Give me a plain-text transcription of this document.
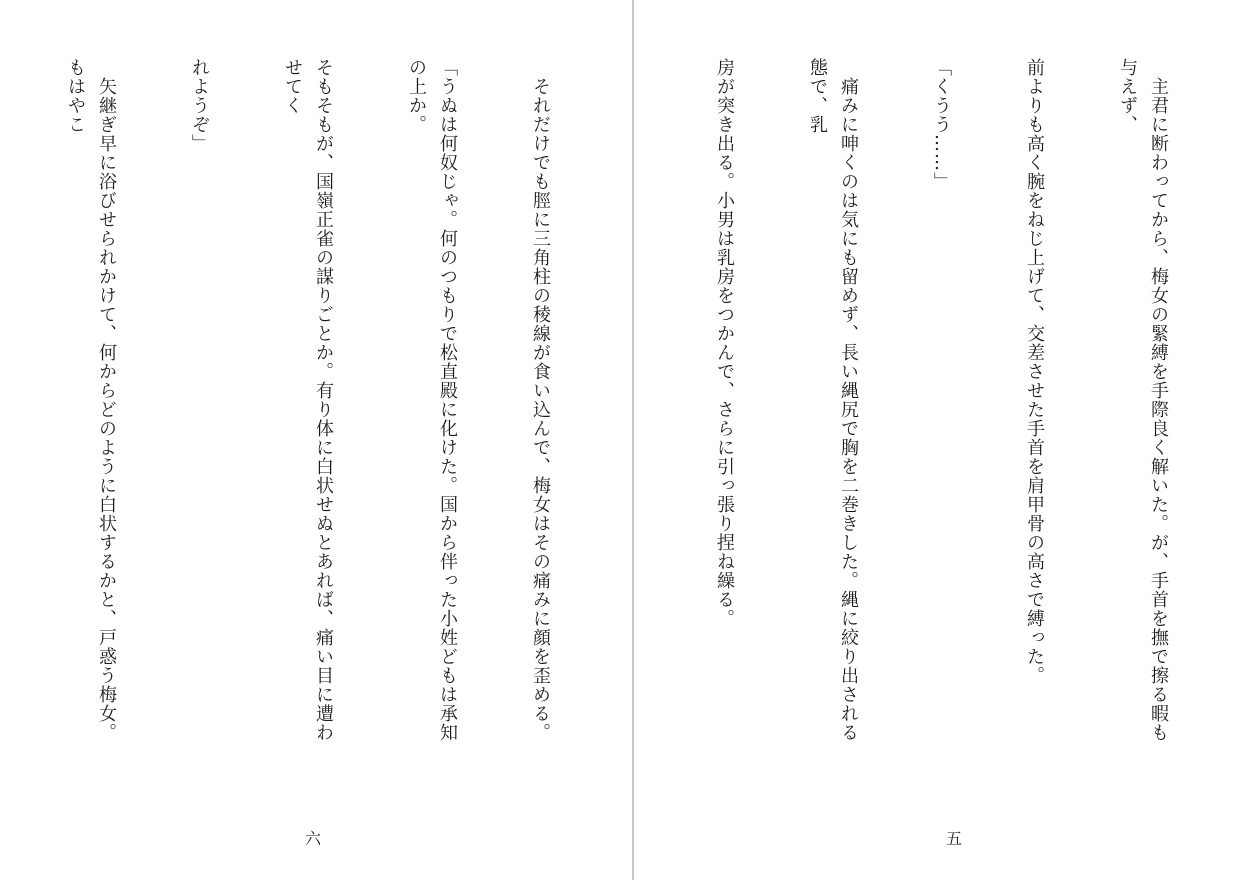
　それだけでも脛に三角柱の稜線が食い込んで、梅女はその痛みに顔を歪める。

「うぬは何奴じゃ。何のつもりで松直殿に化けた。国から伴った小姓どもは承知の上か。

そもそもが、国嶺正雀の謀りごとか。有り体に白状せぬとあれば、痛い目に遭わせてく

れようぞ」

　矢継ぎ早に浴びせられかけて、何からどのように白状するかと、戸惑う梅女。もはやこ

六

　主君に断わってから、梅女の緊縛を手際良く解いた。が、手首を撫で擦る暇も与えず、

前よりも高く腕をねじ上げて、交差させた手首を肩甲骨の高さで縛った。

「くうう……」

　痛みに呻くのは気にも留めず、長い縄尻で胸を二巻きした。縄に絞り出される態で、乳

房が突き出る。小男は乳房をつかんで、さらに引っ張り捏ね繰る。

五
